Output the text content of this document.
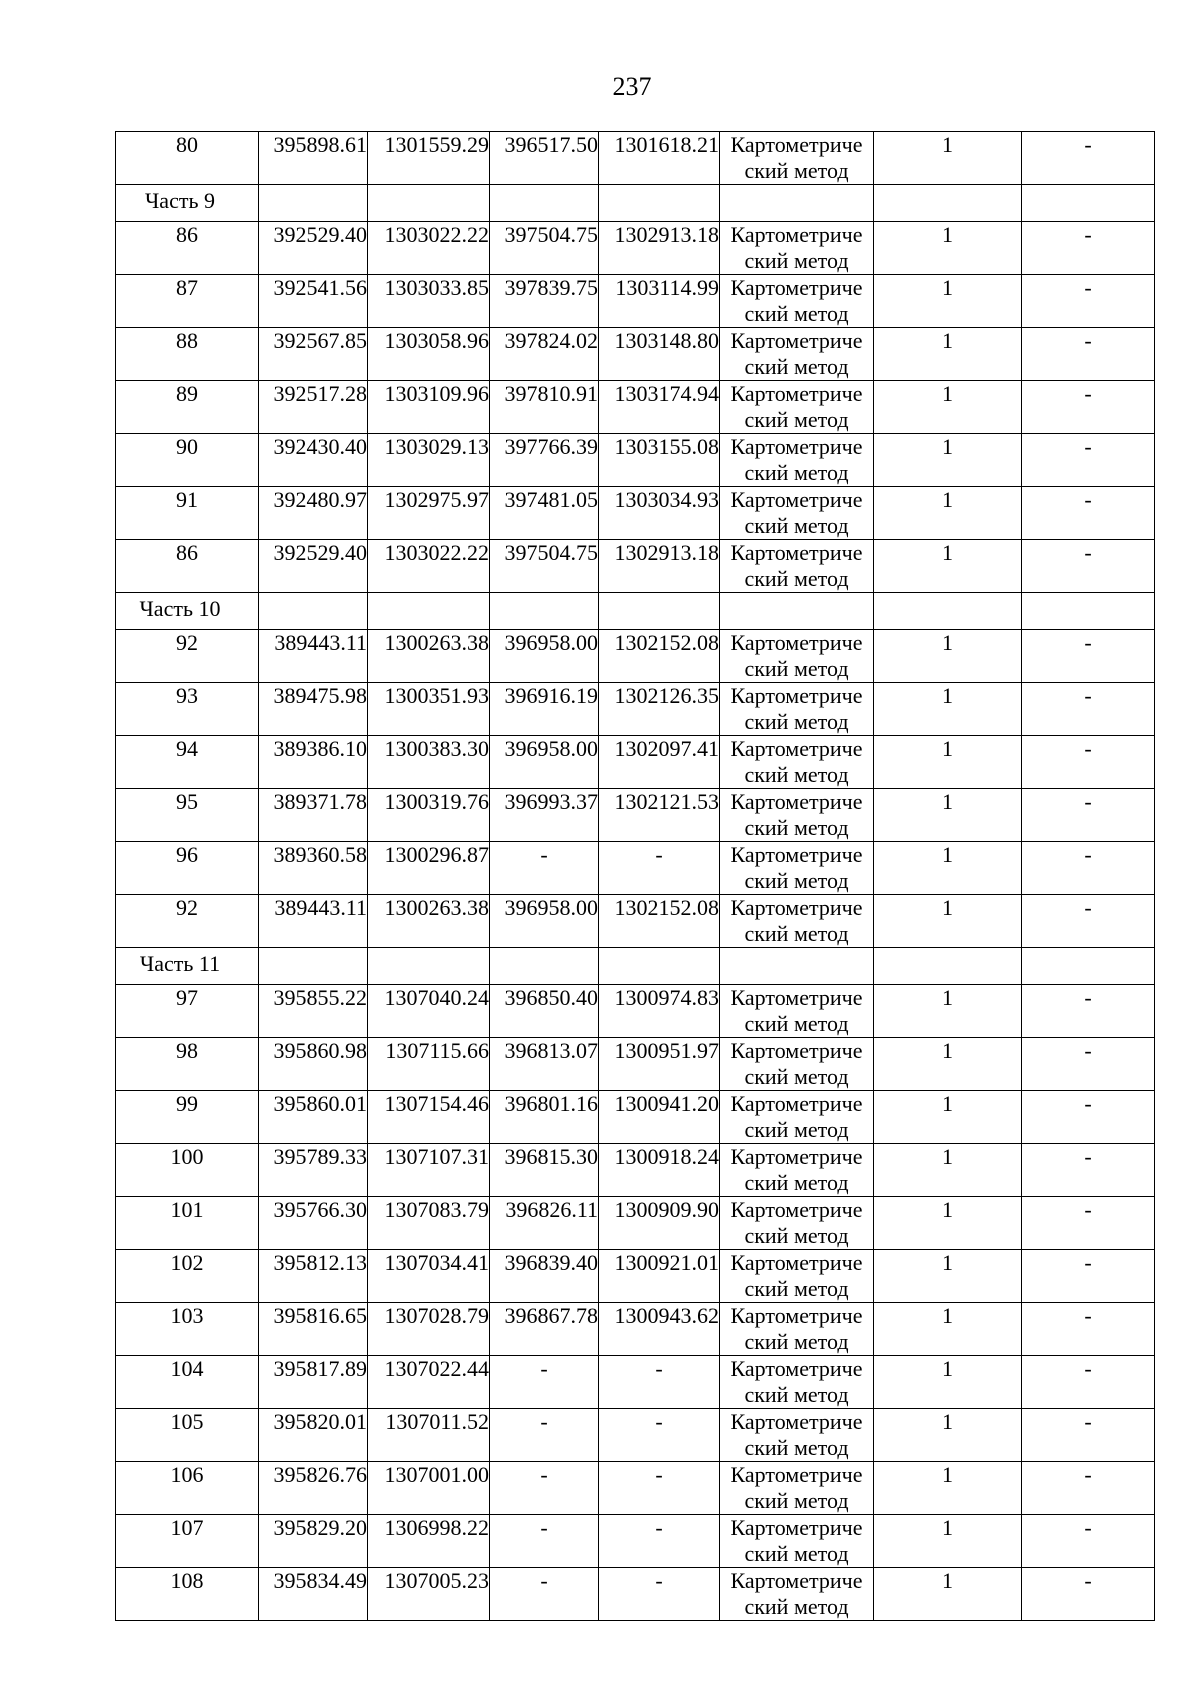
237
80	395898.61	1301559.29	396517.50	1301618.21	Картометриче
ский метод	1	-
Часть 9							
86	392529.40	1303022.22	397504.75	1302913.18	Картометриче
ский метод	1	-
87	392541.56	1303033.85	397839.75	1303114.99	Картометриче
ский метод	1	-
88	392567.85	1303058.96	397824.02	1303148.80	Картометриче
ский метод	1	-
89	392517.28	1303109.96	397810.91	1303174.94	Картометриче
ский метод	1	-
90	392430.40	1303029.13	397766.39	1303155.08	Картометриче
ский метод	1	-
91	392480.97	1302975.97	397481.05	1303034.93	Картометриче
ский метод	1	-
86	392529.40	1303022.22	397504.75	1302913.18	Картометриче
ский метод	1	-
Часть 10							
92	389443.11	1300263.38	396958.00	1302152.08	Картометриче
ский метод	1	-
93	389475.98	1300351.93	396916.19	1302126.35	Картометриче
ский метод	1	-
94	389386.10	1300383.30	396958.00	1302097.41	Картометриче
ский метод	1	-
95	389371.78	1300319.76	396993.37	1302121.53	Картометриче
ский метод	1	-
96	389360.58	1300296.87	-	-	Картометриче
ский метод	1	-
92	389443.11	1300263.38	396958.00	1302152.08	Картометриче
ский метод	1	-
Часть 11							
97	395855.22	1307040.24	396850.40	1300974.83	Картометриче
ский метод	1	-
98	395860.98	1307115.66	396813.07	1300951.97	Картометриче
ский метод	1	-
99	395860.01	1307154.46	396801.16	1300941.20	Картометриче
ский метод	1	-
100	395789.33	1307107.31	396815.30	1300918.24	Картометриче
ский метод	1	-
101	395766.30	1307083.79	396826.11	1300909.90	Картометриче
ский метод	1	-
102	395812.13	1307034.41	396839.40	1300921.01	Картометриче
ский метод	1	-
103	395816.65	1307028.79	396867.78	1300943.62	Картометриче
ский метод	1	-
104	395817.89	1307022.44	-	-	Картометриче
ский метод	1	-
105	395820.01	1307011.52	-	-	Картометриче
ский метод	1	-
106	395826.76	1307001.00	-	-	Картометриче
ский метод	1	-
107	395829.20	1306998.22	-	-	Картометриче
ский метод	1	-
108	395834.49	1307005.23	-	-	Картометриче
ский метод	1	-
